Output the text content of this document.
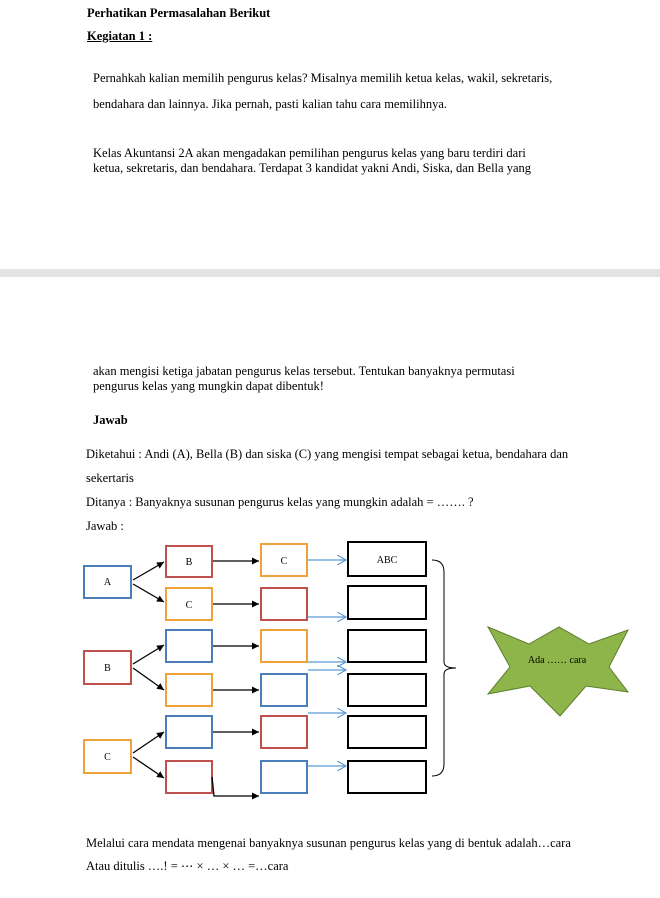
Perhatikan Permasalahan Berikut
Kegiatan 1 :
Pernahkah kalian memilih pengurus kelas? Misalnya memilih ketua kelas, wakil, sekretaris,
bendahara dan lainnya. Jika pernah, pasti kalian tahu cara memilihnya.
Kelas Akuntansi 2A akan mengadakan pemilihan pengurus kelas yang baru terdiri dari
ketua, sekretaris, dan bendahara. Terdapat 3 kandidat yakni Andi, Siska, dan Bella yang
akan mengisi ketiga jabatan pengurus kelas tersebut. Tentukan banyaknya permutasi
pengurus kelas yang mungkin dapat dibentuk!
Jawab
Diketahui : Andi (A), Bella (B) dan siska (C) yang mengisi tempat sebagai ketua, bendahara dan
sekertaris
Ditanya : Banyaknya susunan pengurus kelas yang mungkin adalah = ……. ?
Jawab :
A
B
C
B
C
C	ABC
Ada …… cara
Melalui cara mendata mengenai banyaknya susunan pengurus kelas yang di bentuk adalah…cara
Atau ditulis ….! = ⋯ × … × … =…cara
